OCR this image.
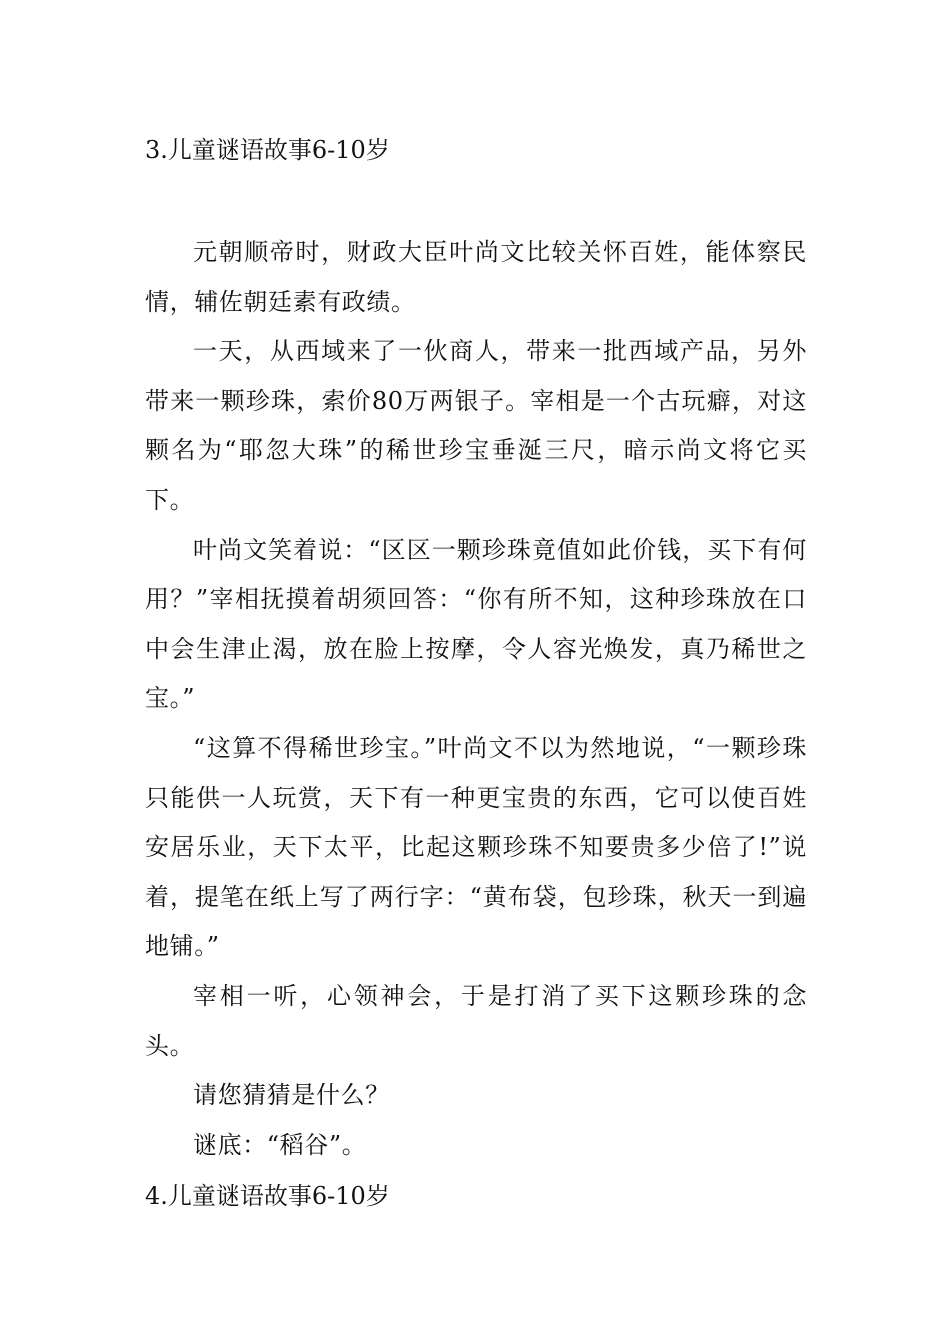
3.儿童谜语故事6-10岁

元朝顺帝时，财政大臣叶尚文比较关怀百姓，能体察民情，辅佐朝廷素有政绩。

一天，从西域来了一伙商人，带来一批西域产品，另外带来一颗珍珠，索价80万两银子。宰相是一个古玩癖，对这颗名为“耶忽大珠”的稀世珍宝垂涎三尺，暗示尚文将它买下。

叶尚文笑着说：“区区一颗珍珠竟值如此价钱，买下有何用？”宰相抚摸着胡须回答：“你有所不知，这种珍珠放在口中会生津止渴，放在脸上按摩，令人容光焕发，真乃稀世之宝。”

“这算不得稀世珍宝。”叶尚文不以为然地说，“一颗珍珠只能供一人玩赏，天下有一种更宝贵的东西，它可以使百姓安居乐业，天下太平，比起这颗珍珠不知要贵多少倍了!”说着，提笔在纸上写了两行字：“黄布袋，包珍珠，秋天一到遍地铺。”

宰相一听，心领神会，于是打消了买下这颗珍珠的念头。

请您猜猜是什么？

谜底：“稻谷”。

4.儿童谜语故事6-10岁
